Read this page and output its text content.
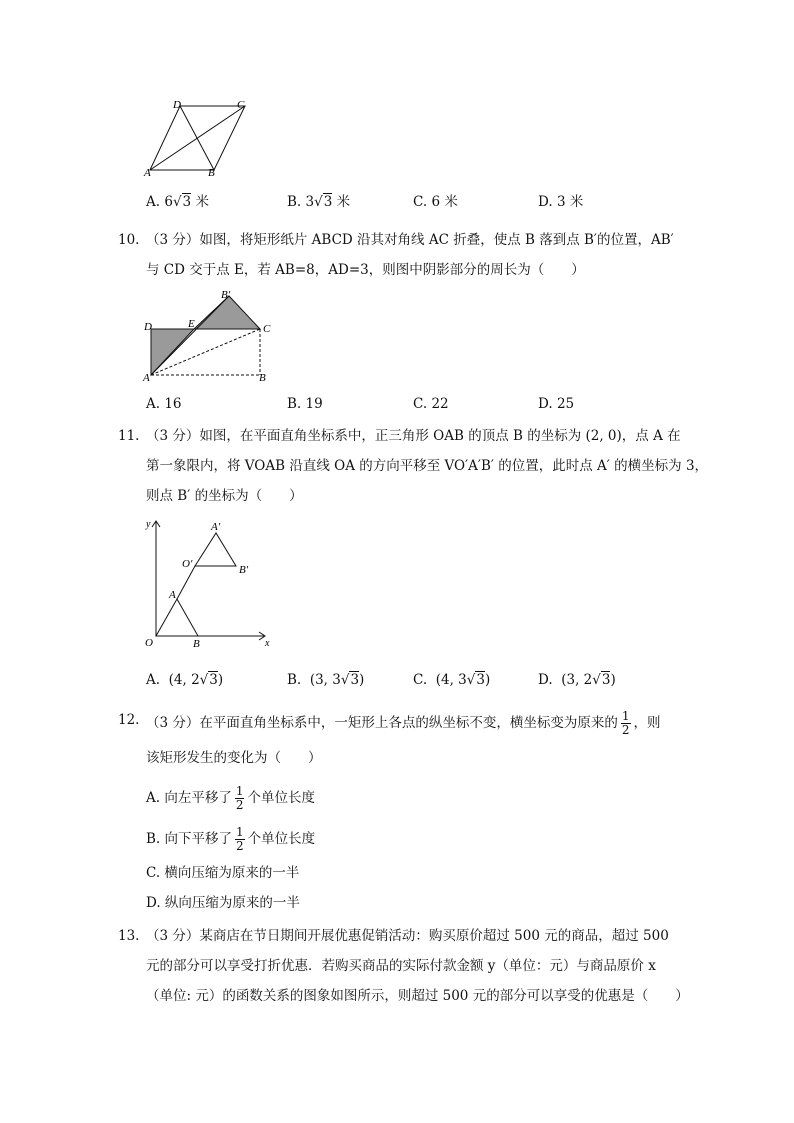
D	C
A	B
A. 6√3 米	B. 3√3 米	C. 6 米	D. 3 米
10. （3 分）如图，将矩形纸片 ABCD 沿其对角线 AC 折叠，使点 B 落到点 B′的位置，AB′
与 CD 交于点 E，若 AB=8，AD=3，则图中阴影部分的周长为（　　）
D	E
B′
C
A	B
A. 16	B. 19	C. 22	D. 25
11. （3 分）如图，在平面直角坐标系中，正三角形 OAB 的顶点 B 的坐标为 (2, 0)，点 A 在
第一象限内，将 VOAB 沿直线 OA 的方向平移至 VO′A′B′ 的位置，此时点 A′ 的横坐标为 3，
则点 B′ 的坐标为（　　）
y
x
O
A
B
O′
A′
B′
A. (4, 2√3)	B. (3, 3√3)	C. (4, 3√3)	D. (3, 2√3)
12. （3 分）在平面直角坐标系中，一矩形上各点的纵坐标不变，横坐标变为原来的 $\frac{1}{2}$ ，则
该矩形发生的变化为（　　）
A. 向左平移了 $\frac{1}{2}$ 个单位长度
B. 向下平移了 $\frac{1}{2}$ 个单位长度
C. 横向压缩为原来的一半
D. 纵向压缩为原来的一半
13. （3 分）某商店在节日期间开展优惠促销活动：购买原价超过 500 元的商品，超过 500
元的部分可以享受打折优惠．若购买商品的实际付款金额 y（单位：元）与商品原价 x
（单位: 元）的函数关系的图象如图所示，则超过 500 元的部分可以享受的优惠是（　　）
